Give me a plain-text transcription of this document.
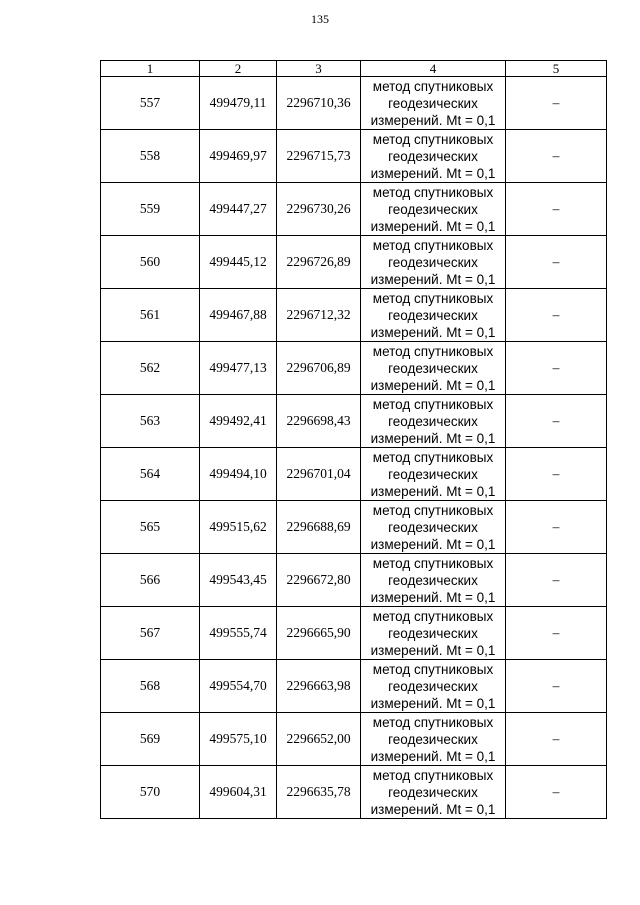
135
1	2	3	4	5
557	499479,11	2296710,36	метод спутниковых
геодезических
измерений. Mt = 0,1	–
558	499469,97	2296715,73	метод спутниковых
геодезических
измерений. Mt = 0,1	–
559	499447,27	2296730,26	метод спутниковых
геодезических
измерений. Mt = 0,1	–
560	499445,12	2296726,89	метод спутниковых
геодезических
измерений. Mt = 0,1	–
561	499467,88	2296712,32	метод спутниковых
геодезических
измерений. Mt = 0,1	–
562	499477,13	2296706,89	метод спутниковых
геодезических
измерений. Mt = 0,1	–
563	499492,41	2296698,43	метод спутниковых
геодезических
измерений. Mt = 0,1	–
564	499494,10	2296701,04	метод спутниковых
геодезических
измерений. Mt = 0,1	–
565	499515,62	2296688,69	метод спутниковых
геодезических
измерений. Mt = 0,1	–
566	499543,45	2296672,80	метод спутниковых
геодезических
измерений. Mt = 0,1	–
567	499555,74	2296665,90	метод спутниковых
геодезических
измерений. Mt = 0,1	–
568	499554,70	2296663,98	метод спутниковых
геодезических
измерений. Mt = 0,1	–
569	499575,10	2296652,00	метод спутниковых
геодезических
измерений. Mt = 0,1	–
570	499604,31	2296635,78	метод спутниковых
геодезических
измерений. Mt = 0,1	–
